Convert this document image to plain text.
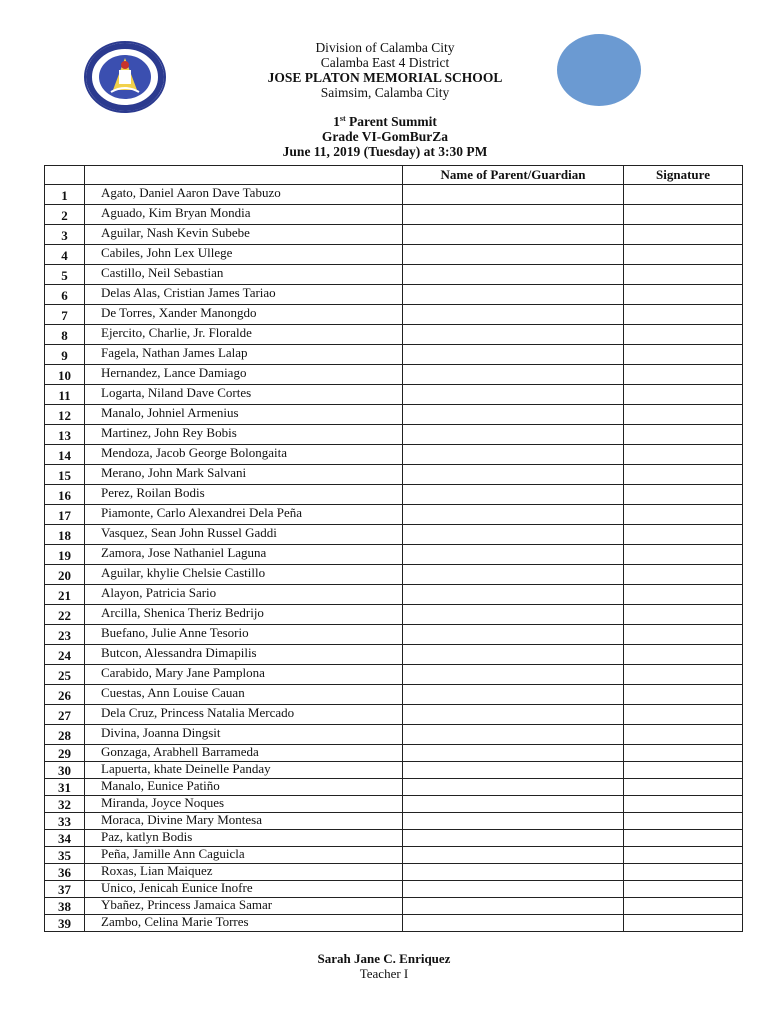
Division of Calamba City
Calamba East 4 District
JOSE PLATON MEMORIAL SCHOOL
Saimsim, Calamba City
1st Parent Summit
Grade VI-GomBurZa
June 11, 2019 (Tuesday) at 3:30 PM
		Name of Parent/Guardian	Signature
1	Agato, Daniel Aaron Dave Tabuzo		
2	Aguado, Kim Bryan Mondia		
3	Aguilar, Nash Kevin Subebe		
4	Cabiles, John Lex Ullege		
5	Castillo, Neil Sebastian		
6	Delas Alas, Cristian James Tariao		
7	De Torres, Xander Manongdo		
8	Ejercito, Charlie, Jr. Floralde		
9	Fagela, Nathan James Lalap		
10	Hernandez, Lance Damiago		
11	Logarta, Niland Dave Cortes		
12	Manalo, Johniel Armenius		
13	Martinez, John Rey Bobis		
14	Mendoza, Jacob George Bolongaita		
15	Merano, John Mark Salvani		
16	Perez, Roilan Bodis		
17	Piamonte, Carlo Alexandrei Dela Peña		
18	Vasquez, Sean John Russel Gaddi		
19	Zamora, Jose Nathaniel Laguna		
20	Aguilar, khylie Chelsie Castillo		
21	Alayon, Patricia Sario		
22	Arcilla, Shenica Theriz Bedrijo		
23	Buefano, Julie Anne Tesorio		
24	Butcon, Alessandra Dimapilis		
25	Carabido, Mary Jane Pamplona		
26	Cuestas, Ann Louise Cauan		
27	Dela Cruz, Princess Natalia Mercado		
28	Divina, Joanna Dingsit		
29	Gonzaga, Arabhell Barrameda		
30	Lapuerta, khate Deinelle Panday		
31	Manalo, Eunice Patiño		
32	Miranda, Joyce Noques		
33	Moraca, Divine Mary Montesa		
34	Paz, katlyn Bodis		
35	Peña, Jamille Ann Caguicla		
36	Roxas, Lian Maiquez		
37	Unico, Jenicah Eunice Inofre		
38	Ybañez, Princess Jamaica Samar		
39	Zambo, Celina Marie Torres		
Sarah Jane C. Enriquez
Teacher I
